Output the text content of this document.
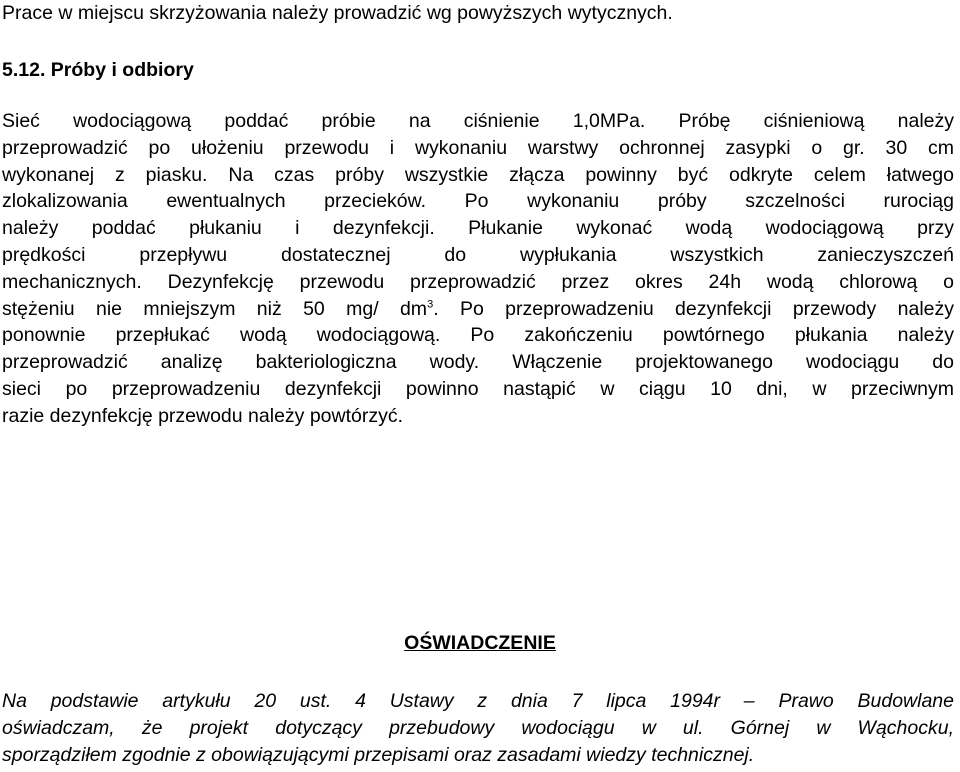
Prace w miejscu skrzyżowania należy prowadzić wg powyższych wytycznych.
5.12. Próby i odbiory
Sieć wodociągową poddać próbie na ciśnienie 1,0MPa. Próbę ciśnieniową należy
przeprowadzić po ułożeniu przewodu i wykonaniu warstwy ochronnej zasypki o gr. 30 cm
wykonanej z piasku. Na czas próby wszystkie złącza powinny być odkryte celem łatwego
zlokalizowania ewentualnych przecieków. Po wykonaniu próby szczelności rurociąg
należy poddać płukaniu i dezynfekcji. Płukanie wykonać wodą wodociągową przy
prędkości przepływu dostatecznej do wypłukania wszystkich zanieczyszczeń
mechanicznych. Dezynfekcję przewodu przeprowadzić przez okres 24h wodą chlorową o
stężeniu nie mniejszym niż 50 mg/ $dm^3$. Po przeprowadzeniu dezynfekcji przewody należy
ponownie przepłukać wodą wodociągową. Po zakończeniu powtórnego płukania należy
przeprowadzić analizę bakteriologiczna wody. Włączenie projektowanego wodociągu do
sieci po przeprowadzeniu dezynfekcji powinno nastąpić w ciągu 10 dni, w przeciwnym
razie dezynfekcję przewodu należy powtórzyć.
OŚWIADCZENIE
Na podstawie artykułu 20 ust. 4 Ustawy z dnia 7 lipca 1994r – Prawo Budowlane
oświadczam, że projekt dotyczący przebudowy wodociągu w ul. Górnej w Wąchocku,
sporządziłem zgodnie z obowiązującymi przepisami oraz zasadami wiedzy technicznej.
